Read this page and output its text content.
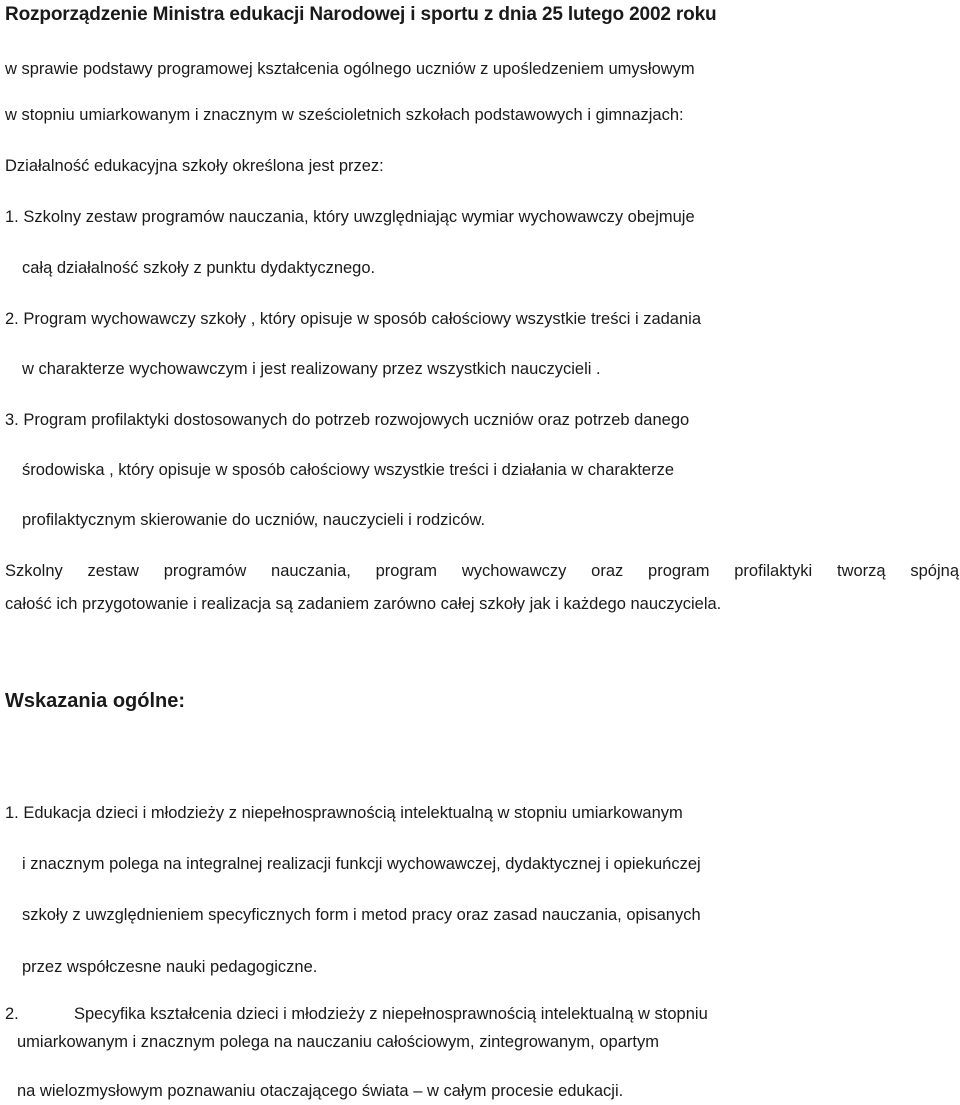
Rozporządzenie Ministra edukacji Narodowej i sportu z dnia 25 lutego 2002 roku
w sprawie podstawy programowej kształcenia ogólnego uczniów z upośledzeniem umysłowym
w stopniu umiarkowanym i znacznym w sześcioletnich szkołach podstawowych i gimnazjach:
Działalność edukacyjna szkoły określona jest przez:
1. Szkolny zestaw programów nauczania, który uwzględniając wymiar wychowawczy obejmuje
całą działalność szkoły z punktu dydaktycznego.
2. Program wychowawczy szkoły , który opisuje w sposób całościowy wszystkie treści i zadania
w charakterze wychowawczym i jest realizowany przez wszystkich nauczycieli .
3. Program profilaktyki dostosowanych do potrzeb rozwojowych uczniów oraz potrzeb danego
środowiska , który opisuje w sposób całościowy wszystkie treści i działania w charakterze
profilaktycznym skierowanie do uczniów, nauczycieli i rodziców.
Szkolny zestaw programów nauczania, program wychowawczy oraz program profilaktyki tworzą spójną
całość ich przygotowanie i realizacja są zadaniem zarówno całej szkoły jak i każdego nauczyciela.
Wskazania ogólne:
1. Edukacja dzieci i młodzieży z niepełnosprawnością intelektualną w stopniu umiarkowanym
i znacznym polega na integralnej realizacji funkcji wychowawczej, dydaktycznej i opiekuńczej
szkoły z uwzględnieniem specyficznych form i metod pracy oraz zasad nauczania, opisanych
przez współczesne nauki pedagogiczne.
2.	Specyfika kształcenia dzieci i młodzieży z niepełnosprawnością intelektualną w stopniu
umiarkowanym i znacznym polega na nauczaniu całościowym, zintegrowanym, opartym
na wielozmysłowym poznawaniu otaczającego świata – w całym procesie edukacji.
